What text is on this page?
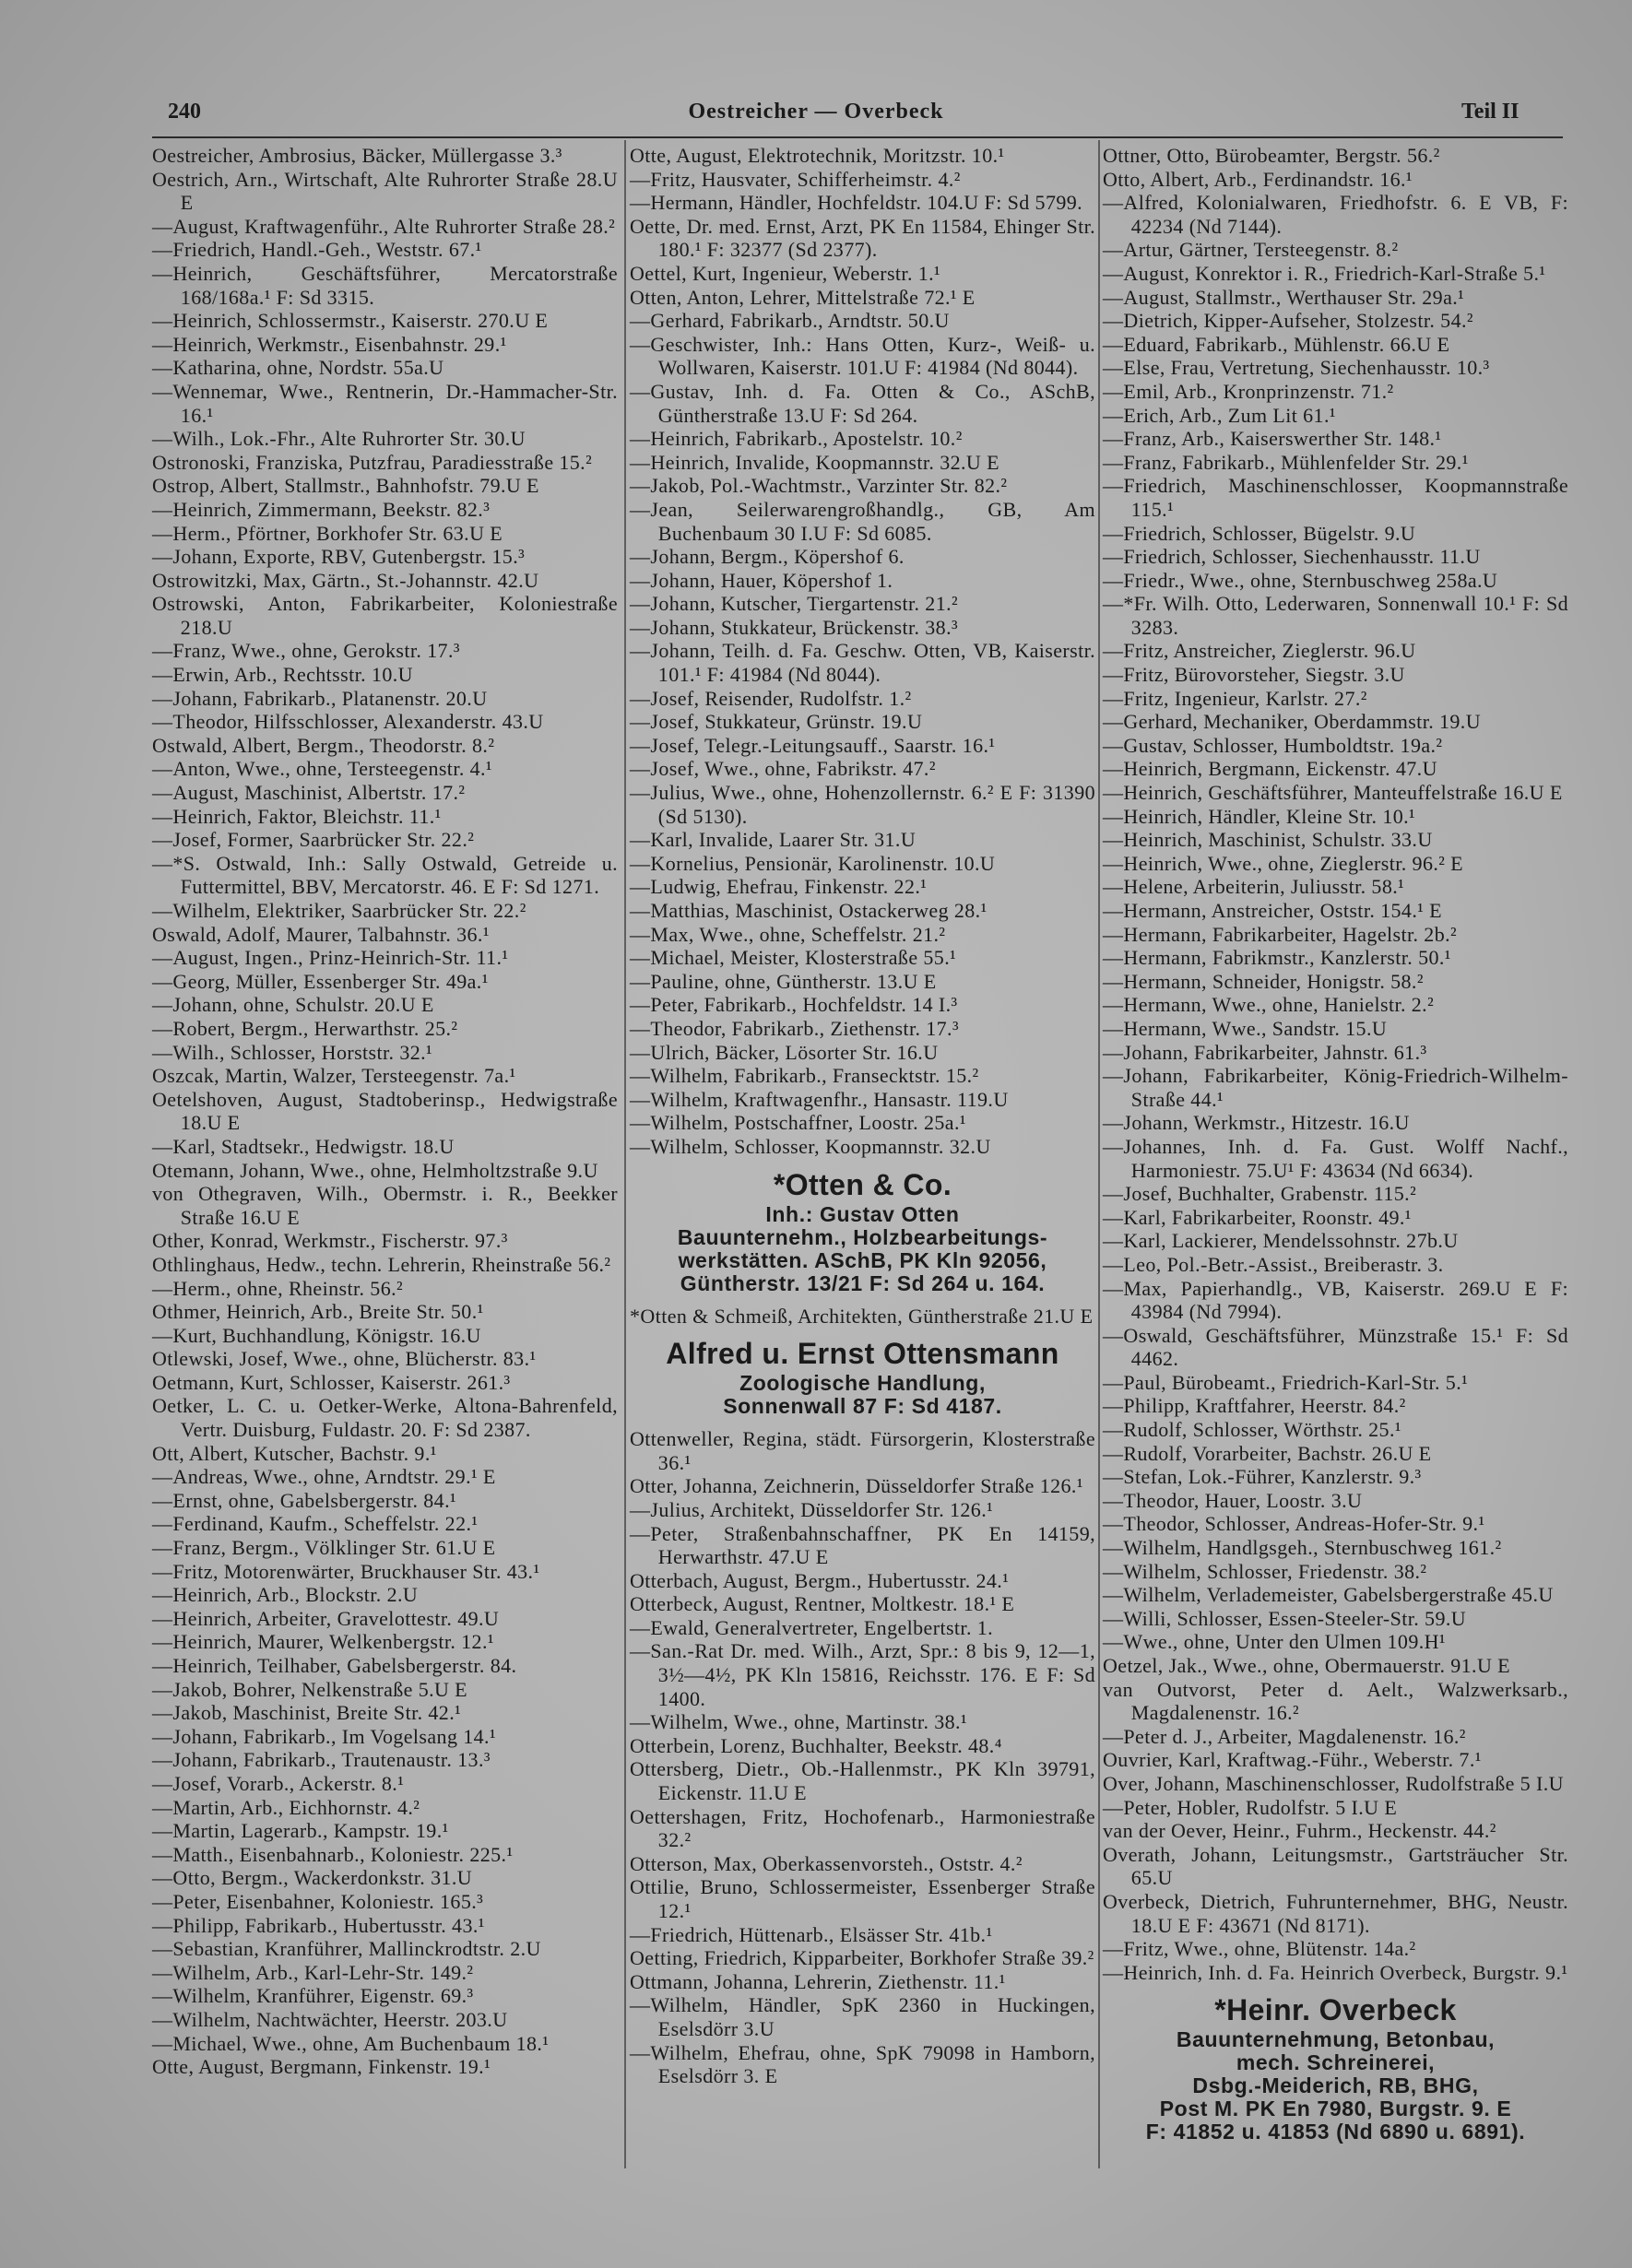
240	Oestreicher — Overbeck	Teil II
Oestreicher, Ambrosius, Bäcker, Müllergasse 3.³
Oestrich, Arn., Wirtschaft, Alte Ruhrorter Straße 28.U E
—August, Kraftwagenführ., Alte Ruhrorter Straße 28.²
—Friedrich, Handl.-Geh., Weststr. 67.¹
—Heinrich, Geschäftsführer, Mercatorstraße 168/168a.¹ F: Sd 3315.
—Heinrich, Schlossermstr., Kaiserstr. 270.U E
—Heinrich, Werkmstr., Eisenbahnstr. 29.¹
—Katharina, ohne, Nordstr. 55a.U
—Wennemar, Wwe., Rentnerin, Dr.-Hammacher-Str. 16.¹
—Wilh., Lok.-Fhr., Alte Ruhrorter Str. 30.U
Ostronoski, Franziska, Putzfrau, Paradiesstraße 15.²
Ostrop, Albert, Stallmstr., Bahnhofstr. 79.U E
—Heinrich, Zimmermann, Beekstr. 82.³
—Herm., Pförtner, Borkhofer Str. 63.U E
—Johann, Exporte, RBV, Gutenbergstr. 15.³
Ostrowitzki, Max, Gärtn., St.-Johannstr. 42.U
Ostrowski, Anton, Fabrikarbeiter, Koloniestraße 218.U
—Franz, Wwe., ohne, Gerokstr. 17.³
—Erwin, Arb., Rechtsstr. 10.U
—Johann, Fabrikarb., Platanenstr. 20.U
—Theodor, Hilfsschlosser, Alexanderstr. 43.U
Ostwald, Albert, Bergm., Theodorstr. 8.²
—Anton, Wwe., ohne, Tersteegenstr. 4.¹
—August, Maschinist, Albertstr. 17.²
—Heinrich, Faktor, Bleichstr. 11.¹
—Josef, Former, Saarbrücker Str. 22.²
—*S. Ostwald, Inh.: Sally Ostwald, Getreide u. Futtermittel, BBV, Mercatorstr. 46. E F: Sd 1271.
—Wilhelm, Elektriker, Saarbrücker Str. 22.²
Oswald, Adolf, Maurer, Talbahnstr. 36.¹
—August, Ingen., Prinz-Heinrich-Str. 11.¹
—Georg, Müller, Essenberger Str. 49a.¹
—Johann, ohne, Schulstr. 20.U E
—Robert, Bergm., Herwarthstr. 25.²
—Wilh., Schlosser, Horststr. 32.¹
Oszcak, Martin, Walzer, Tersteegenstr. 7a.¹
Oetelshoven, August, Stadtoberinsp., Hedwigstraße 18.U E
—Karl, Stadtsekr., Hedwigstr. 18.U
Otemann, Johann, Wwe., ohne, Helmholtzstraße 9.U
von Othegraven, Wilh., Obermstr. i. R., Beekker Straße 16.U E
Other, Konrad, Werkmstr., Fischerstr. 97.³
Othlinghaus, Hedw., techn. Lehrerin, Rheinstraße 56.²
—Herm., ohne, Rheinstr. 56.²
Othmer, Heinrich, Arb., Breite Str. 50.¹
—Kurt, Buchhandlung, Königstr. 16.U
Otlewski, Josef, Wwe., ohne, Blücherstr. 83.¹
Oetmann, Kurt, Schlosser, Kaiserstr. 261.³
Oetker, L. C. u. Oetker-Werke, Altona-Bahrenfeld, Vertr. Duisburg, Fuldastr. 20. F: Sd 2387.
Ott, Albert, Kutscher, Bachstr. 9.¹
—Andreas, Wwe., ohne, Arndtstr. 29.¹ E
—Ernst, ohne, Gabelsbergerstr. 84.¹
—Ferdinand, Kaufm., Scheffelstr. 22.¹
—Franz, Bergm., Völklinger Str. 61.U E
—Fritz, Motorenwärter, Bruckhauser Str. 43.¹
—Heinrich, Arb., Blockstr. 2.U
—Heinrich, Arbeiter, Gravelottestr. 49.U
—Heinrich, Maurer, Welkenbergstr. 12.¹
—Heinrich, Teilhaber, Gabelsbergerstr. 84.
—Jakob, Bohrer, Nelkenstraße 5.U E
—Jakob, Maschinist, Breite Str. 42.¹
—Johann, Fabrikarb., Im Vogelsang 14.¹
—Johann, Fabrikarb., Trautenaustr. 13.³
—Josef, Vorarb., Ackerstr. 8.¹
—Martin, Arb., Eichhornstr. 4.²
—Martin, Lagerarb., Kampstr. 19.¹
—Matth., Eisenbahnarb., Koloniestr. 225.¹
—Otto, Bergm., Wackerdonkstr. 31.U
—Peter, Eisenbahner, Koloniestr. 165.³
—Philipp, Fabrikarb., Hubertusstr. 43.¹
—Sebastian, Kranführer, Mallinckrodtstr. 2.U
—Wilhelm, Arb., Karl-Lehr-Str. 149.²
—Wilhelm, Kranführer, Eigenstr. 69.³
—Wilhelm, Nachtwächter, Heerstr. 203.U
—Michael, Wwe., ohne, Am Buchenbaum 18.¹
Otte, August, Bergmann, Finkenstr. 19.¹
Otte, August, Elektrotechnik, Moritzstr. 10.¹
—Fritz, Hausvater, Schifferheimstr. 4.²
—Hermann, Händler, Hochfeldstr. 104.U F: Sd 5799.
Oette, Dr. med. Ernst, Arzt, PK En 11584, Ehinger Str. 180.¹ F: 32377 (Sd 2377).
Oettel, Kurt, Ingenieur, Weberstr. 1.¹
Otten, Anton, Lehrer, Mittelstraße 72.¹ E
—Gerhard, Fabrikarb., Arndtstr. 50.U
—Geschwister, Inh.: Hans Otten, Kurz-, Weiß- u. Wollwaren, Kaiserstr. 101.U F: 41984 (Nd 8044).
—Gustav, Inh. d. Fa. Otten & Co., ASchB, Güntherstraße 13.U F: Sd 264.
—Heinrich, Fabrikarb., Apostelstr. 10.²
—Heinrich, Invalide, Koopmannstr. 32.U E
—Jakob, Pol.-Wachtmstr., Varzinter Str. 82.²
—Jean, Seilerwarengroßhandlg., GB, Am Buchenbaum 30 I.U F: Sd 6085.
—Johann, Bergm., Köpershof 6.
—Johann, Hauer, Köpershof 1.
—Johann, Kutscher, Tiergartenstr. 21.²
—Johann, Stukkateur, Brückenstr. 38.³
—Johann, Teilh. d. Fa. Geschw. Otten, VB, Kaiserstr. 101.¹ F: 41984 (Nd 8044).
—Josef, Reisender, Rudolfstr. 1.²
—Josef, Stukkateur, Grünstr. 19.U
—Josef, Telegr.-Leitungsauff., Saarstr. 16.¹
—Josef, Wwe., ohne, Fabrikstr. 47.²
—Julius, Wwe., ohne, Hohenzollernstr. 6.² E F: 31390 (Sd 5130).
—Karl, Invalide, Laarer Str. 31.U
—Kornelius, Pensionär, Karolinenstr. 10.U
—Ludwig, Ehefrau, Finkenstr. 22.¹
—Matthias, Maschinist, Ostackerweg 28.¹
—Max, Wwe., ohne, Scheffelstr. 21.²
—Michael, Meister, Klosterstraße 55.¹
—Pauline, ohne, Güntherstr. 13.U E
—Peter, Fabrikarb., Hochfeldstr. 14 I.³
—Theodor, Fabrikarb., Ziethenstr. 17.³
—Ulrich, Bäcker, Lösorter Str. 16.U
—Wilhelm, Fabrikarb., Fransecktstr. 15.²
—Wilhelm, Kraftwagenfhr., Hansastr. 119.U
—Wilhelm, Postschaffner, Loostr. 25a.¹
—Wilhelm, Schlosser, Koopmannstr. 32.U
*Otten & Co.
Inh.: Gustav Otten
Bauunternehm., Holzbearbeitungs-
werkstätten. ASchB, PK Kln 92056,
Güntherstr. 13/21 F: Sd 264 u. 164.
*Otten & Schmeiß, Architekten, Güntherstraße 21.U E
Alfred u. Ernst Ottensmann
Zoologische Handlung,
Sonnenwall 87 F: Sd 4187.
Ottenweller, Regina, städt. Fürsorgerin, Klosterstraße 36.¹
Otter, Johanna, Zeichnerin, Düsseldorfer Straße 126.¹
—Julius, Architekt, Düsseldorfer Str. 126.¹
—Peter, Straßenbahnschaffner, PK En 14159, Herwarthstr. 47.U E
Otterbach, August, Bergm., Hubertusstr. 24.¹
Otterbeck, August, Rentner, Moltkestr. 18.¹ E
—Ewald, Generalvertreter, Engelbertstr. 1.
—San.-Rat Dr. med. Wilh., Arzt, Spr.: 8 bis 9, 12—1, 3½—4½, PK Kln 15816, Reichsstr. 176. E F: Sd 1400.
—Wilhelm, Wwe., ohne, Martinstr. 38.¹
Otterbein, Lorenz, Buchhalter, Beekstr. 48.⁴
Ottersberg, Dietr., Ob.-Hallenmstr., PK Kln 39791, Eickenstr. 11.U E
Oettershagen, Fritz, Hochofenarb., Harmoniestraße 32.²
Otterson, Max, Oberkassenvorsteh., Oststr. 4.²
Ottilie, Bruno, Schlossermeister, Essenberger Straße 12.¹
—Friedrich, Hüttenarb., Elsässer Str. 41b.¹
Oetting, Friedrich, Kipparbeiter, Borkhofer Straße 39.²
Ottmann, Johanna, Lehrerin, Ziethenstr. 11.¹
—Wilhelm, Händler, SpK 2360 in Huckingen, Eselsdörr 3.U
—Wilhelm, Ehefrau, ohne, SpK 79098 in Hamborn, Eselsdörr 3. E
Ottner, Otto, Bürobeamter, Bergstr. 56.²
Otto, Albert, Arb., Ferdinandstr. 16.¹
—Alfred, Kolonialwaren, Friedhofstr. 6. E VB, F: 42234 (Nd 7144).
—Artur, Gärtner, Tersteegenstr. 8.²
—August, Konrektor i. R., Friedrich-Karl-Straße 5.¹
—August, Stallmstr., Werthauser Str. 29a.¹
—Dietrich, Kipper-Aufseher, Stolzestr. 54.²
—Eduard, Fabrikarb., Mühlenstr. 66.U E
—Else, Frau, Vertretung, Siechenhausstr. 10.³
—Emil, Arb., Kronprinzenstr. 71.²
—Erich, Arb., Zum Lit 61.¹
—Franz, Arb., Kaiserswerther Str. 148.¹
—Franz, Fabrikarb., Mühlenfelder Str. 29.¹
—Friedrich, Maschinenschlosser, Koopmannstraße 115.¹
—Friedrich, Schlosser, Bügelstr. 9.U
—Friedrich, Schlosser, Siechenhausstr. 11.U
—Friedr., Wwe., ohne, Sternbuschweg 258a.U
—*Fr. Wilh. Otto, Lederwaren, Sonnenwall 10.¹ F: Sd 3283.
—Fritz, Anstreicher, Zieglerstr. 96.U
—Fritz, Bürovorsteher, Siegstr. 3.U
—Fritz, Ingenieur, Karlstr. 27.²
—Gerhard, Mechaniker, Oberdammstr. 19.U
—Gustav, Schlosser, Humboldtstr. 19a.²
—Heinrich, Bergmann, Eickenstr. 47.U
—Heinrich, Geschäftsführer, Manteuffelstraße 16.U E
—Heinrich, Händler, Kleine Str. 10.¹
—Heinrich, Maschinist, Schulstr. 33.U
—Heinrich, Wwe., ohne, Zieglerstr. 96.² E
—Helene, Arbeiterin, Juliusstr. 58.¹
—Hermann, Anstreicher, Oststr. 154.¹ E
—Hermann, Fabrikarbeiter, Hagelstr. 2b.²
—Hermann, Fabrikmstr., Kanzlerstr. 50.¹
—Hermann, Schneider, Honigstr. 58.²
—Hermann, Wwe., ohne, Hanielstr. 2.²
—Hermann, Wwe., Sandstr. 15.U
—Johann, Fabrikarbeiter, Jahnstr. 61.³
—Johann, Fabrikarbeiter, König-Friedrich-Wilhelm-Straße 44.¹
—Johann, Werkmstr., Hitzestr. 16.U
—Johannes, Inh. d. Fa. Gust. Wolff Nachf., Harmoniestr. 75.U¹ F: 43634 (Nd 6634).
—Josef, Buchhalter, Grabenstr. 115.²
—Karl, Fabrikarbeiter, Roonstr. 49.¹
—Karl, Lackierer, Mendelssohnstr. 27b.U
—Leo, Pol.-Betr.-Assist., Breiberastr. 3.
—Max, Papierhandlg., VB, Kaiserstr. 269.U E F: 43984 (Nd 7994).
—Oswald, Geschäftsführer, Münzstraße 15.¹ F: Sd 4462.
—Paul, Bürobeamt., Friedrich-Karl-Str. 5.¹
—Philipp, Kraftfahrer, Heerstr. 84.²
—Rudolf, Schlosser, Wörthstr. 25.¹
—Rudolf, Vorarbeiter, Bachstr. 26.U E
—Stefan, Lok.-Führer, Kanzlerstr. 9.³
—Theodor, Hauer, Loostr. 3.U
—Theodor, Schlosser, Andreas-Hofer-Str. 9.¹
—Wilhelm, Handlgsgeh., Sternbuschweg 161.²
—Wilhelm, Schlosser, Friedenstr. 38.²
—Wilhelm, Verlademeister, Gabelsbergerstraße 45.U
—Willi, Schlosser, Essen-Steeler-Str. 59.U
—Wwe., ohne, Unter den Ulmen 109.H¹
Oetzel, Jak., Wwe., ohne, Obermauerstr. 91.U E
van Outvorst, Peter d. Aelt., Walzwerksarb., Magdalenenstr. 16.²
—Peter d. J., Arbeiter, Magdalenenstr. 16.²
Ouvrier, Karl, Kraftwag.-Führ., Weberstr. 7.¹
Over, Johann, Maschinenschlosser, Rudolfstraße 5 I.U
—Peter, Hobler, Rudolfstr. 5 I.U E
van der Oever, Heinr., Fuhrm., Heckenstr. 44.²
Overath, Johann, Leitungsmstr., Gartsträucher Str. 65.U
Overbeck, Dietrich, Fuhrunternehmer, BHG, Neustr. 18.U E F: 43671 (Nd 8171).
—Fritz, Wwe., ohne, Blütenstr. 14a.²
—Heinrich, Inh. d. Fa. Heinrich Overbeck, Burgstr. 9.¹
*Heinr. Overbeck
Bauunternehmung, Betonbau,
mech. Schreinerei,
Dsbg.-Meiderich, RB, BHG,
Post M. PK En 7980, Burgstr. 9. E
F: 41852 u. 41853 (Nd 6890 u. 6891).
